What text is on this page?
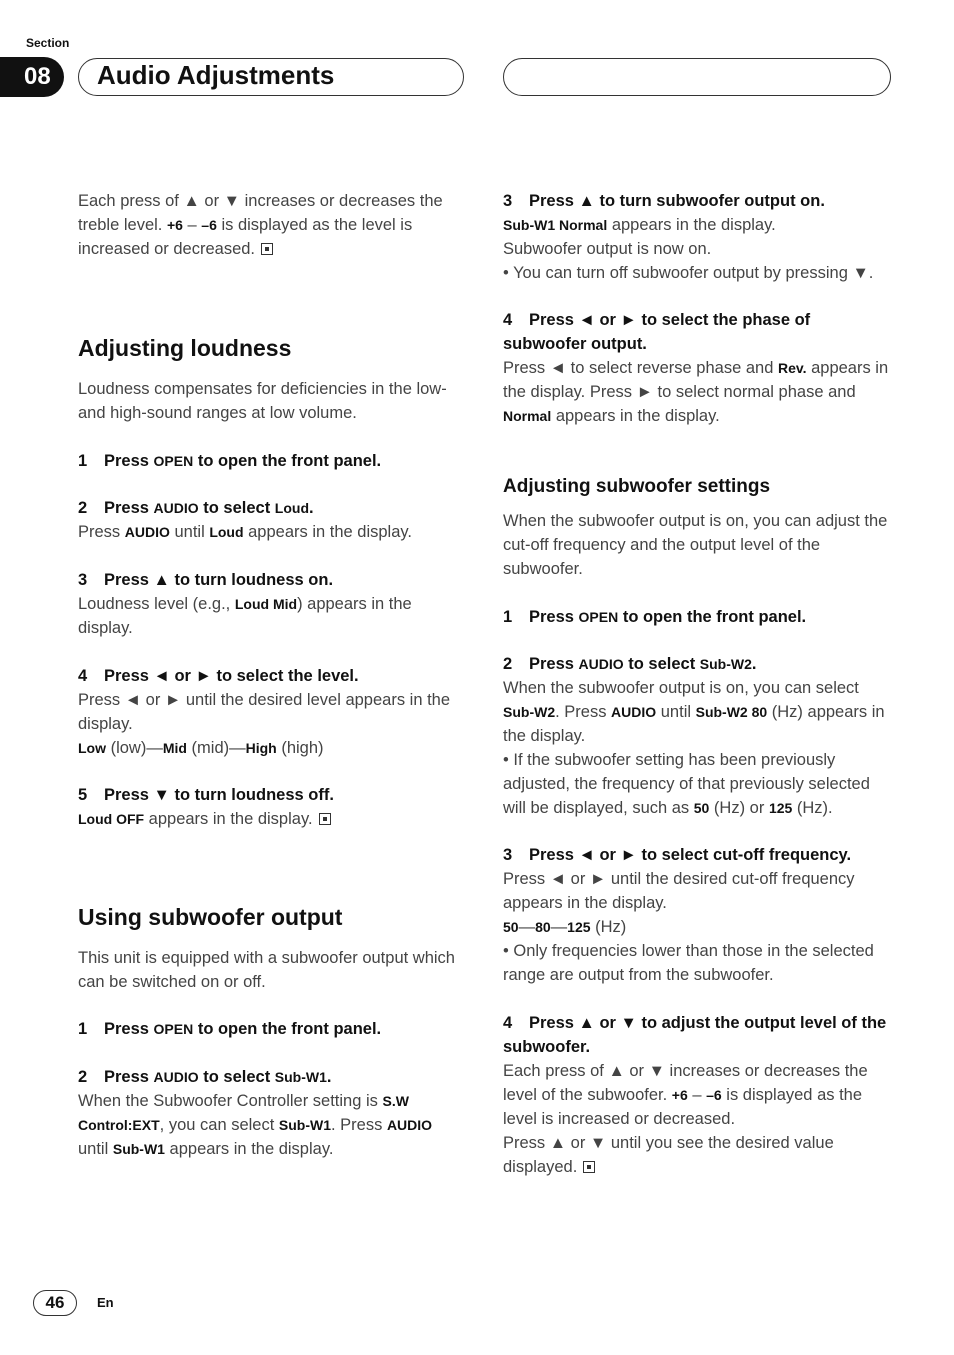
Section
08	Audio Adjustments

Each press of ▲ or ▼ increases or decreases the treble level. +6 – –6 is displayed as the level is increased or decreased.

Adjusting loudness

Loudness compensates for deficiencies in the low- and high-sound ranges at low volume.

1 Press OPEN to open the front panel.

2 Press AUDIO to select Loud.

Press AUDIO until Loud appears in the display.

3 Press ▲ to turn loudness on.

Loudness level (e.g., Loud Mid) appears in the display.

4 Press ◄ or ► to select the level.

Press ◄ or ► until the desired level appears in the display.

Low (low)—Mid (mid)—High (high)

5 Press ▼ to turn loudness off.

Loud OFF appears in the display.

Using subwoofer output

This unit is equipped with a subwoofer output which can be switched on or off.

1 Press OPEN to open the front panel.

2 Press AUDIO to select Sub-W1.

When the Subwoofer Controller setting is S.W Control:EXT, you can select Sub-W1. Press AUDIO until Sub-W1 appears in the display.

3 Press ▲ to turn subwoofer output on.

Sub-W1 Normal appears in the display.

Subwoofer output is now on.

• You can turn off subwoofer output by pressing ▼.

4 Press ◄ or ► to select the phase of subwoofer output.

Press ◄ to select reverse phase and Rev. appears in the display. Press ► to select normal phase and Normal appears in the display.

Adjusting subwoofer settings

When the subwoofer output is on, you can adjust the cut-off frequency and the output level of the subwoofer.

1 Press OPEN to open the front panel.

2 Press AUDIO to select Sub-W2.

When the subwoofer output is on, you can select Sub-W2. Press AUDIO until Sub-W2 80 (Hz) appears in the display.

• If the subwoofer setting has been previously adjusted, the frequency of that previously selected will be displayed, such as 50 (Hz) or 125 (Hz).

3 Press ◄ or ► to select cut-off frequency.

Press ◄ or ► until the desired cut-off frequency appears in the display.

50—80—125 (Hz)

• Only frequencies lower than those in the selected range are output from the subwoofer.

4 Press ▲ or ▼ to adjust the output level of the subwoofer.

Each press of ▲ or ▼ increases or decreases the level of the subwoofer. +6 – –6 is displayed as the level is increased or decreased.

Press ▲ or ▼ until you see the desired value displayed.

46	En
